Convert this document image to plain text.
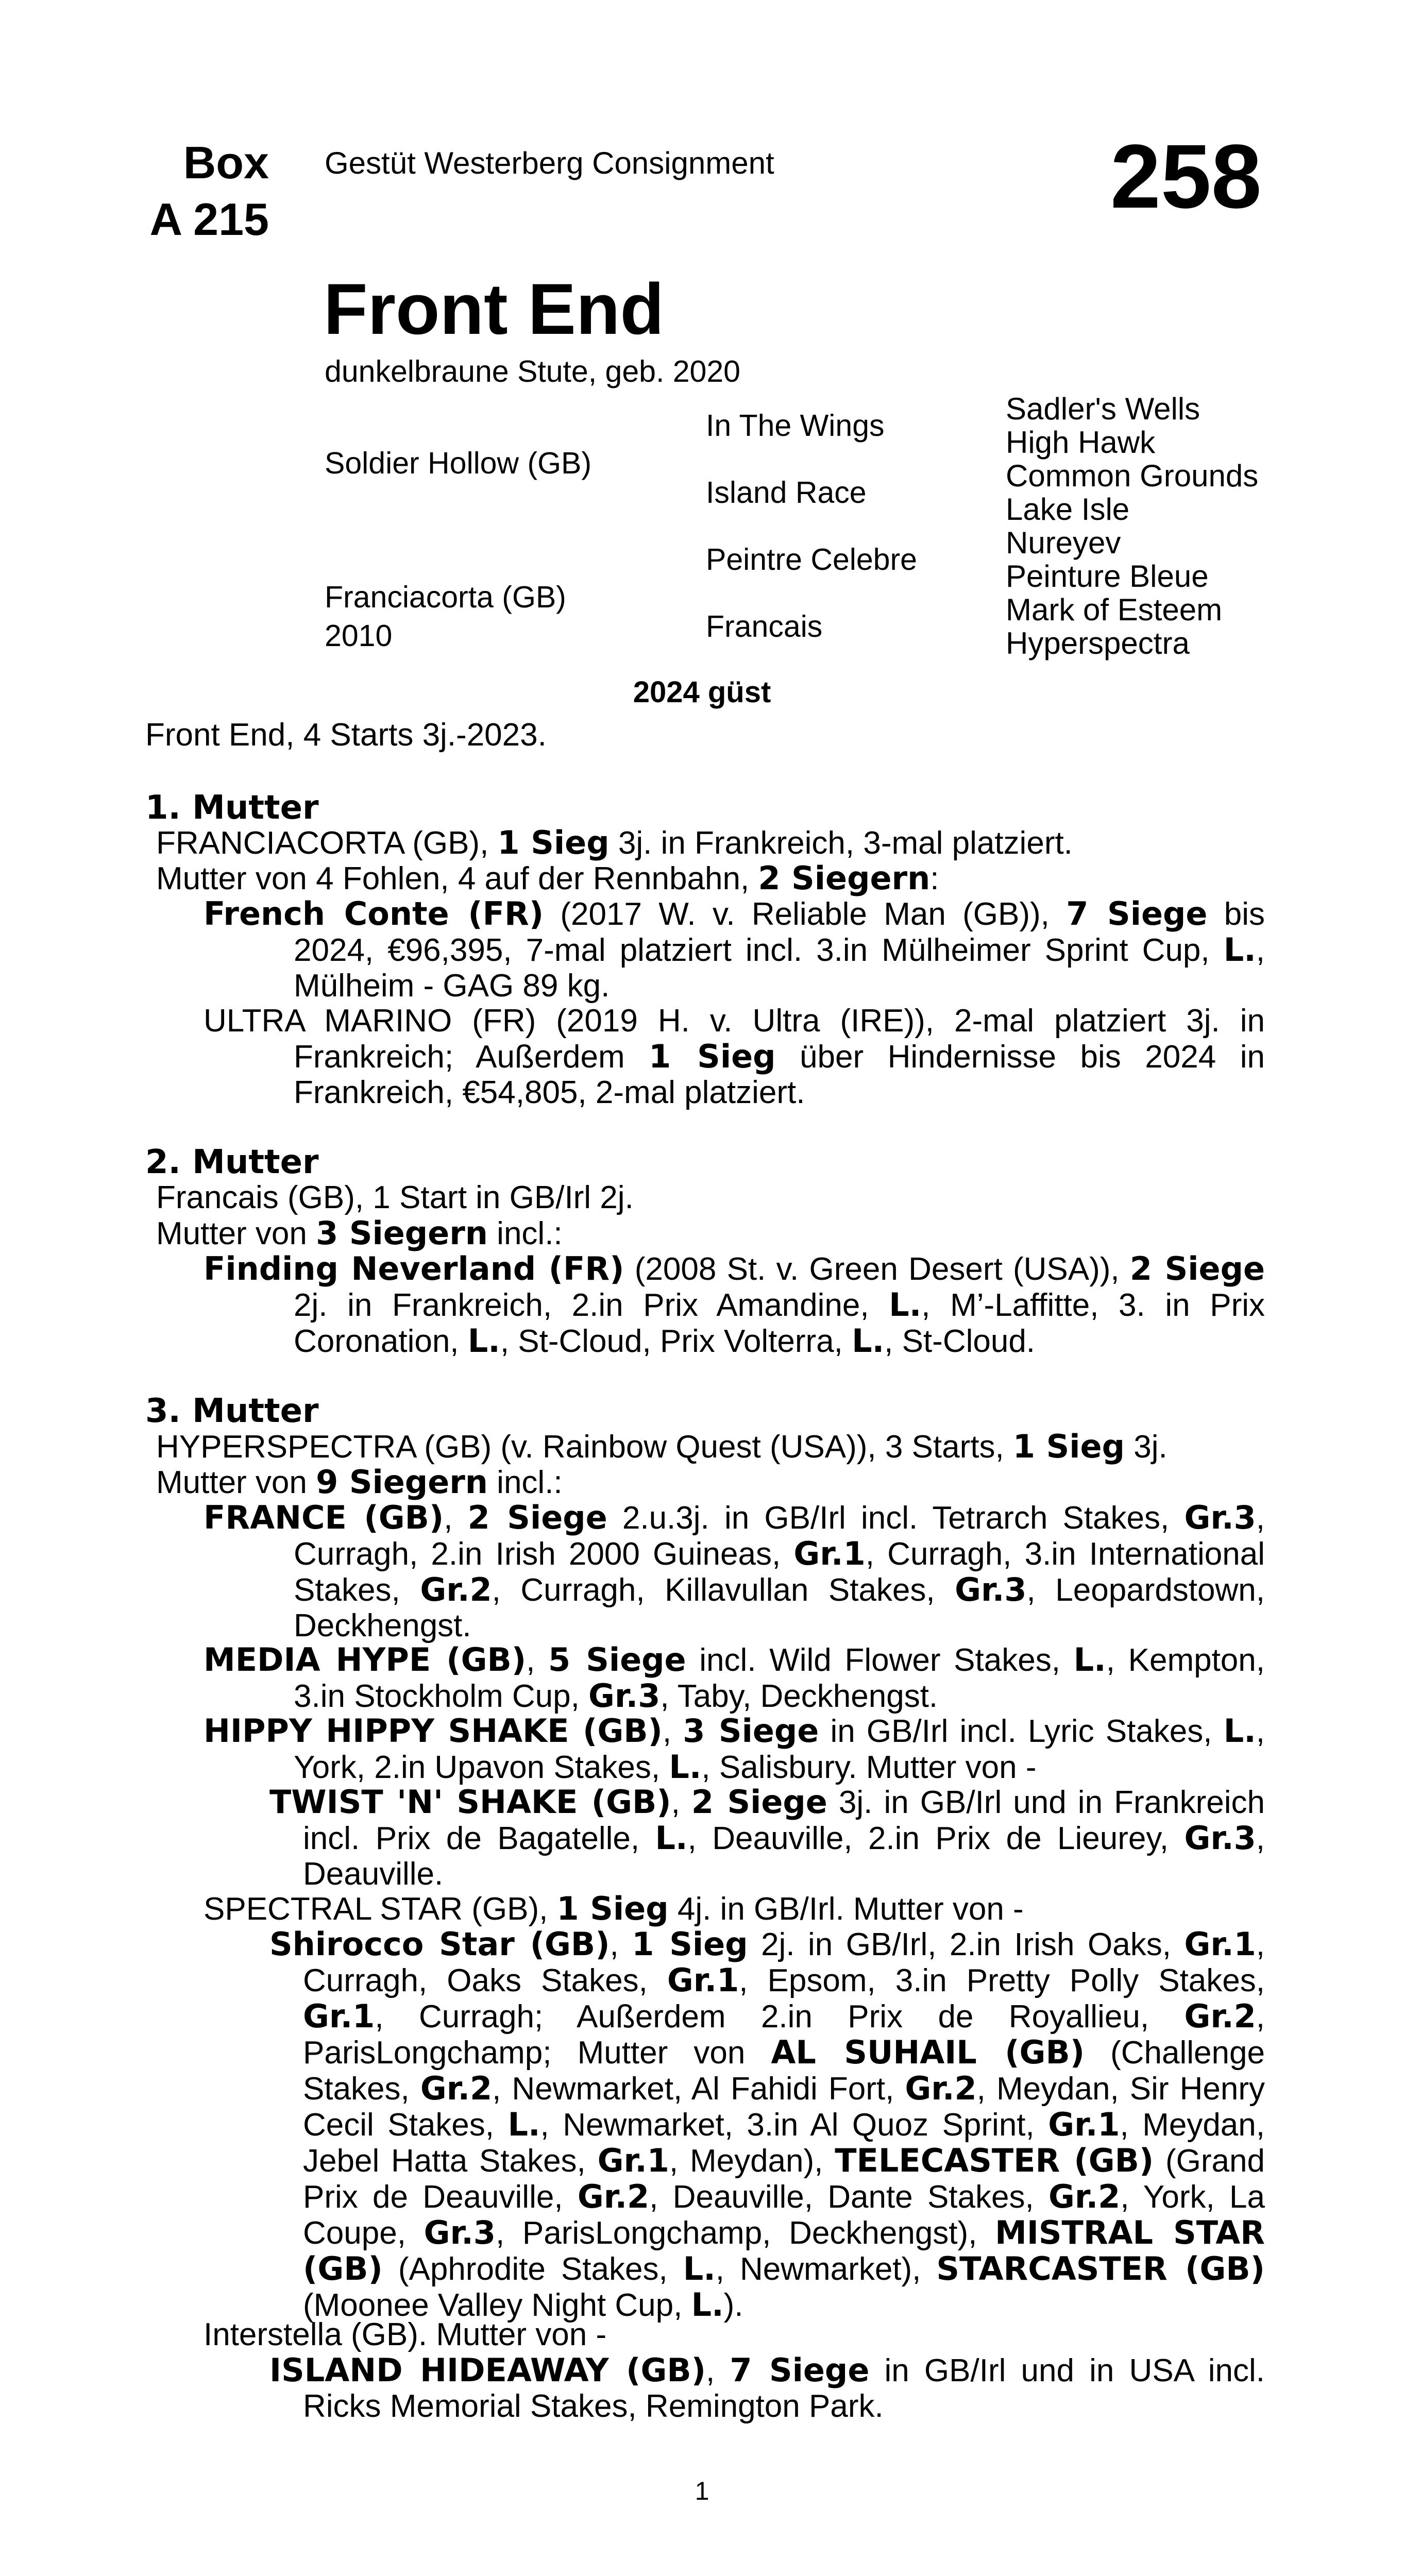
Box
A 215
Gestüt Westerberg Consignment	258
Front End
dunkelbraune Stute, geb. 2020
Soldier Hollow (GB)
Franciacorta (GB)
2010
In The Wings
Island Race
Peintre Celebre
Francais
Sadler's Wells
High Hawk
Common Grounds
Lake Isle
Nureyev
Peinture Bleue
Mark of Esteem
Hyperspectra
2024 güst
Front End, 4 Starts 3j.-2023.
1. Mutter
FRANCIACORTA (GB), 1 Sieg 3j. in Frankreich, 3-mal platziert.
Mutter von 4 Fohlen, 4 auf der Rennbahn, 2 Siegern:
French Conte (FR) (2017 W. v. Reliable Man (GB)), 7 Siege bis 2024, €96,395, 7-mal platziert incl. 3.in Mülheimer Sprint Cup, L., Mülheim - GAG 89 kg.
ULTRA MARINO (FR) (2019 H. v. Ultra (IRE)), 2-mal platziert 3j. in Frankreich; Außerdem 1 Sieg über Hindernisse bis 2024 in Frankreich, €54,805, 2-mal platziert.
2. Mutter
Francais (GB), 1 Start in GB/Irl 2j.
Mutter von 3 Siegern incl.:
Finding Neverland (FR) (2008 St. v. Green Desert (USA)), 2 Siege 2j. in Frankreich, 2.in Prix Amandine, L., M’-Laffitte, 3. in Prix Coronation, L., St-Cloud, Prix Volterra, L., St-Cloud.
3. Mutter
HYPERSPECTRA (GB) (v. Rainbow Quest (USA)), 3 Starts, 1 Sieg 3j.
Mutter von 9 Siegern incl.:
FRANCE (GB), 2 Siege 2.u.3j. in GB/Irl incl. Tetrarch Stakes, Gr.3, Curragh, 2.in Irish 2000 Guineas, Gr.1, Curragh, 3.in International Stakes, Gr.2, Curragh, Killavullan Stakes, Gr.3, Leopardstown, Deckhengst.
MEDIA HYPE (GB), 5 Siege incl. Wild Flower Stakes, L., Kempton, 3.in Stockholm Cup, Gr.3, Taby, Deckhengst.
HIPPY HIPPY SHAKE (GB), 3 Siege in GB/Irl incl. Lyric Stakes, L., York, 2.in Upavon Stakes, L., Salisbury. Mutter von -
TWIST 'N' SHAKE (GB), 2 Siege 3j. in GB/Irl und in Frankreich incl. Prix de Bagatelle, L., Deauville, 2.in Prix de Lieurey, Gr.3, Deauville.
SPECTRAL STAR (GB), 1 Sieg 4j. in GB/Irl. Mutter von -
Shirocco Star (GB), 1 Sieg 2j. in GB/Irl, 2.in Irish Oaks, Gr.1, Curragh, Oaks Stakes, Gr.1, Epsom, 3.in Pretty Polly Stakes, Gr.1, Curragh; Außerdem 2.in Prix de Royallieu, Gr.2, ParisLongchamp; Mutter von AL SUHAIL (GB) (Challenge Stakes, Gr.2, Newmarket, Al Fahidi Fort, Gr.2, Meydan, Sir Henry Cecil Stakes, L., Newmarket, 3.in Al Quoz Sprint, Gr.1, Meydan, Jebel Hatta Stakes, Gr.1, Meydan), TELECASTER (GB) (Grand Prix de Deauville, Gr.2, Deauville, Dante Stakes, Gr.2, York, La Coupe, Gr.3, ParisLongchamp, Deckhengst), MISTRAL STAR (GB) (Aphrodite Stakes, L., Newmarket), STARCASTER (GB) (Moonee Valley Night Cup, L.).
Interstella (GB). Mutter von -
ISLAND HIDEAWAY (GB), 7 Siege in GB/Irl und in USA incl. Ricks Memorial Stakes, Remington Park.
1
